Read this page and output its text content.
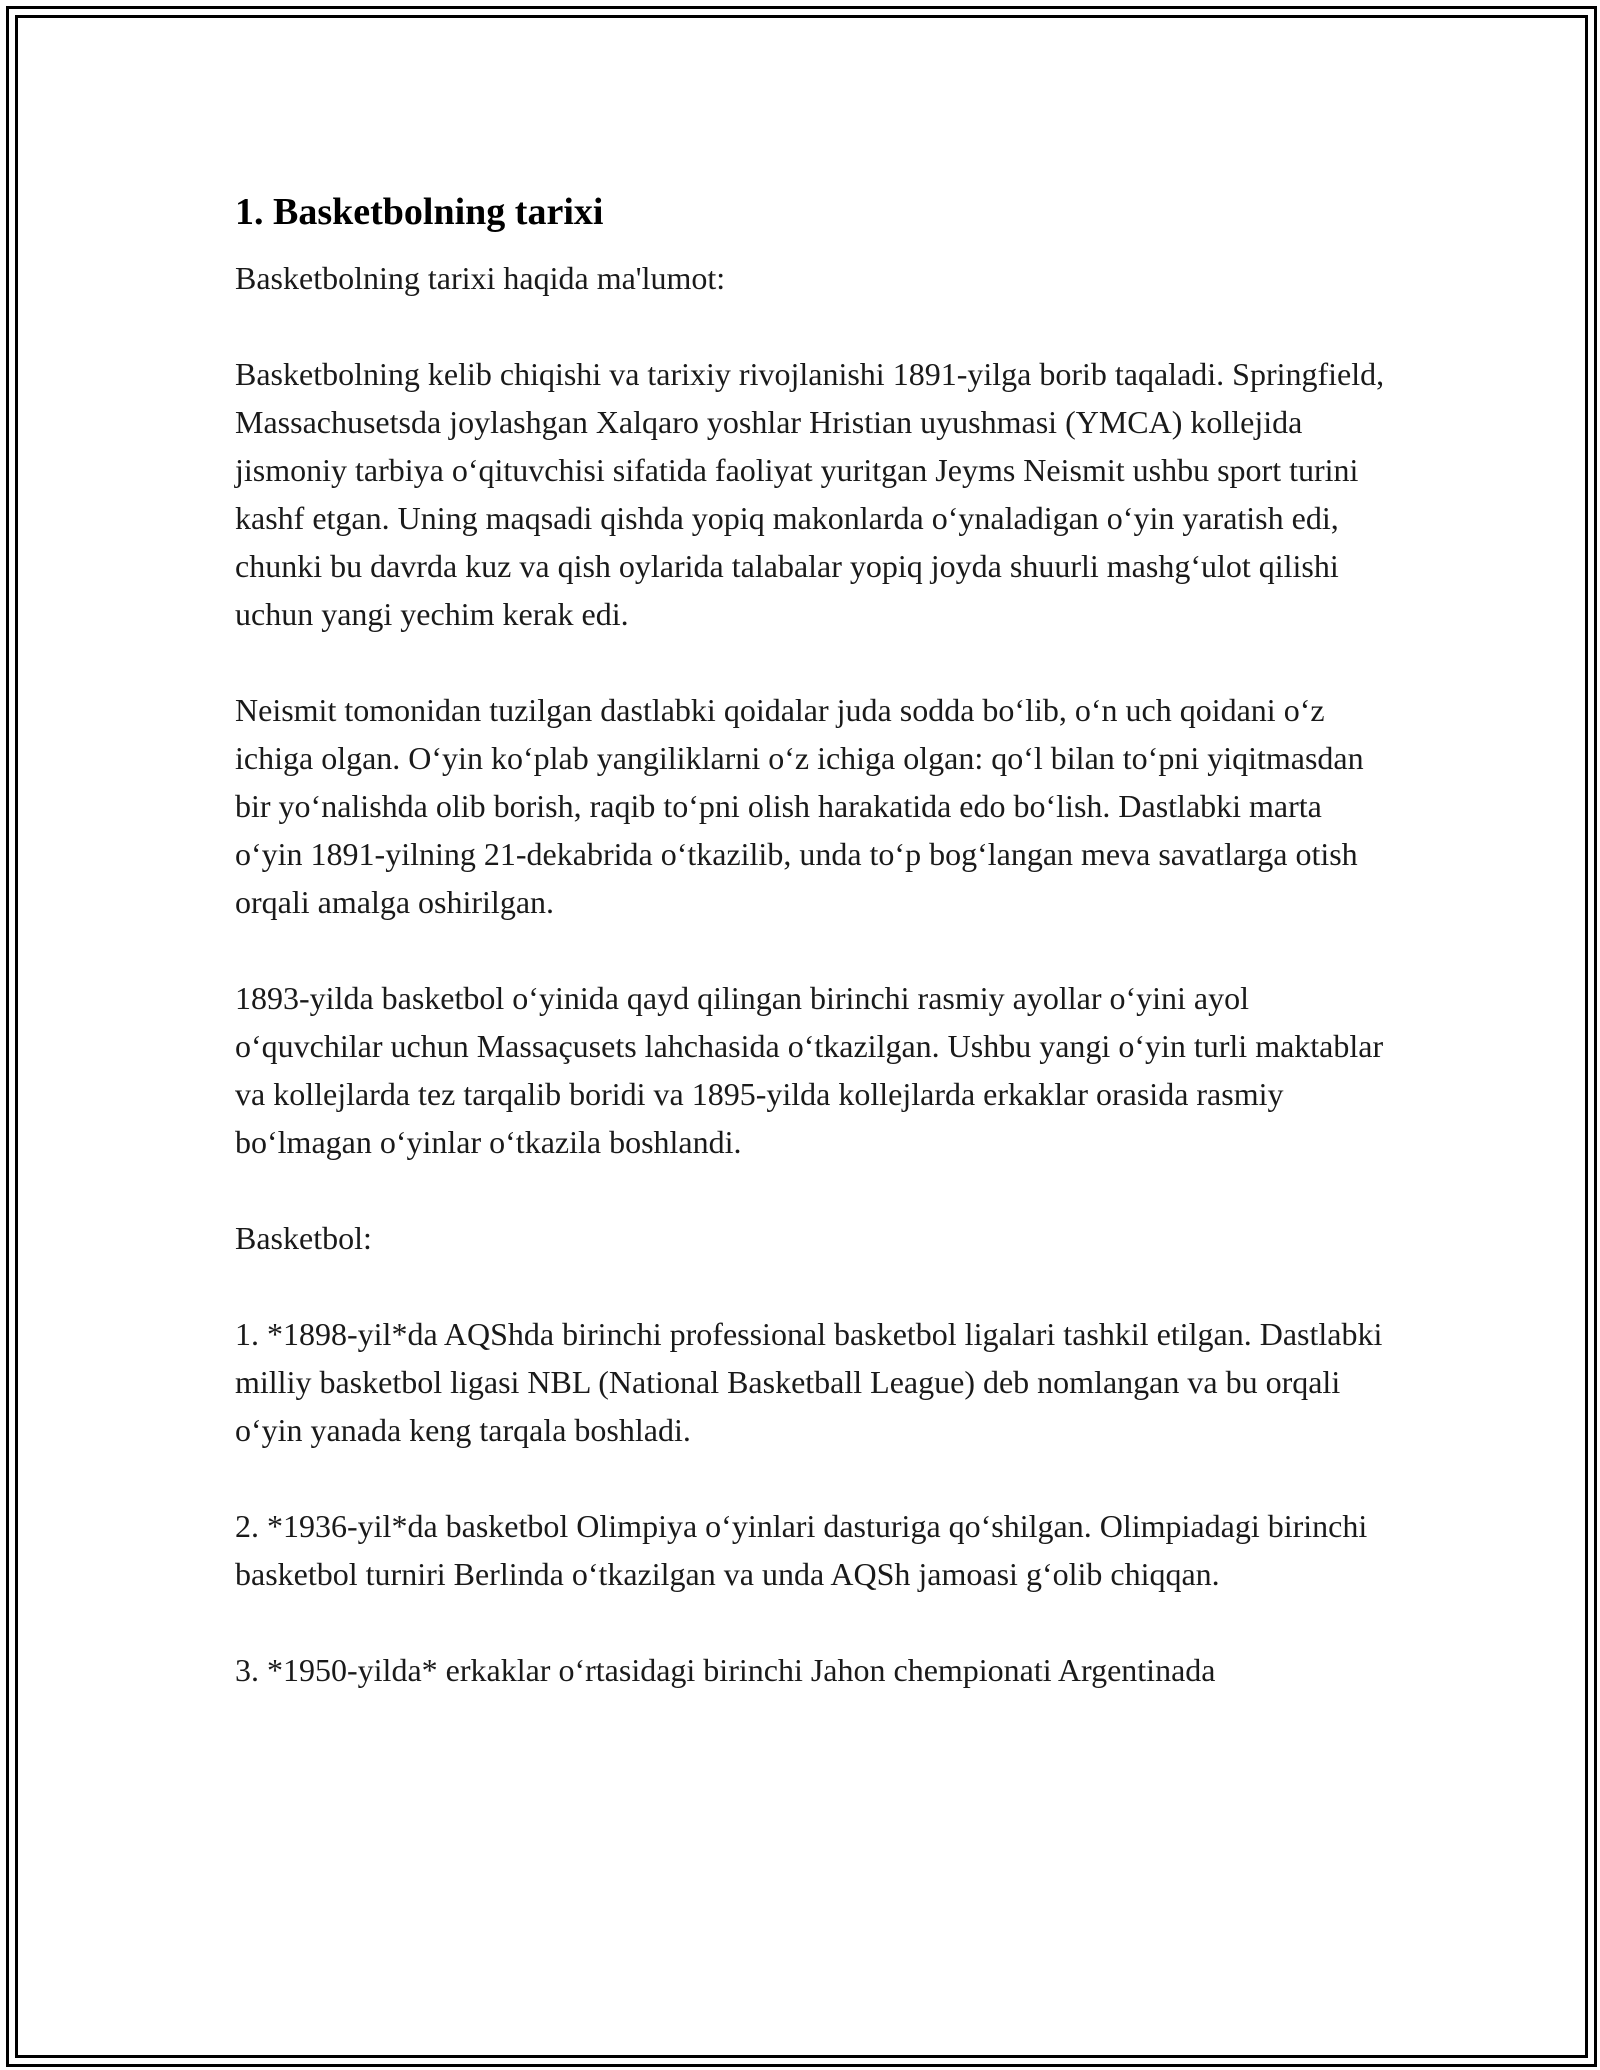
1. Basketbolning tarixi

Basketbolning tarixi haqida ma'lumot:

Basketbolning kelib chiqishi va tarixiy rivojlanishi 1891-yilga borib taqaladi. Springfield, Massachusetsda joylashgan Xalqaro yoshlar Hristian uyushmasi (YMCA) kollejida jismoniy tarbiya o‘qituvchisi sifatida faoliyat yuritgan Jeyms Neismit ushbu sport turini kashf etgan. Uning maqsadi qishda yopiq makonlarda o‘ynaladigan o‘yin yaratish edi, chunki bu davrda kuz va qish oylarida talabalar yopiq joyda shuurli mashg‘ulot qilishi uchun yangi yechim kerak edi.

Neismit tomonidan tuzilgan dastlabki qoidalar juda sodda bo‘lib, o‘n uch qoidani o‘z ichiga olgan. O‘yin ko‘plab yangiliklarni o‘z ichiga olgan: qo‘l bilan to‘pni yiqitmasdan bir yo‘nalishda olib borish, raqib to‘pni olish harakatida edo bo‘lish. Dastlabki marta o‘yin 1891-yilning 21-dekabrida o‘tkazilib, unda to‘p bog‘langan meva savatlarga otish orqali amalga oshirilgan.

1893-yilda basketbol o‘yinida qayd qilingan birinchi rasmiy ayollar o‘yini ayol o‘quvchilar uchun Massaçusets lahchasida o‘tkazilgan. Ushbu yangi o‘yin turli maktablar va kollejlarda tez tarqalib boridi va 1895-yilda kollejlarda erkaklar orasida rasmiy bo‘lmagan o‘yinlar o‘tkazila boshlandi.

Basketbol:

1. *1898-yil*da AQShda birinchi professional basketbol ligalari tashkil etilgan. Dastlabki milliy basketbol ligasi NBL (National Basketball League) deb nomlangan va bu orqali o‘yin yanada keng tarqala boshladi.

2. *1936-yil*da basketbol Olimpiya o‘yinlari dasturiga qo‘shilgan. Olimpiadagi birinchi basketbol turniri Berlinda o‘tkazilgan va unda AQSh jamoasi g‘olib chiqqan.

3. *1950-yilda* erkaklar o‘rtasidagi birinchi Jahon chempionati Argentinada
